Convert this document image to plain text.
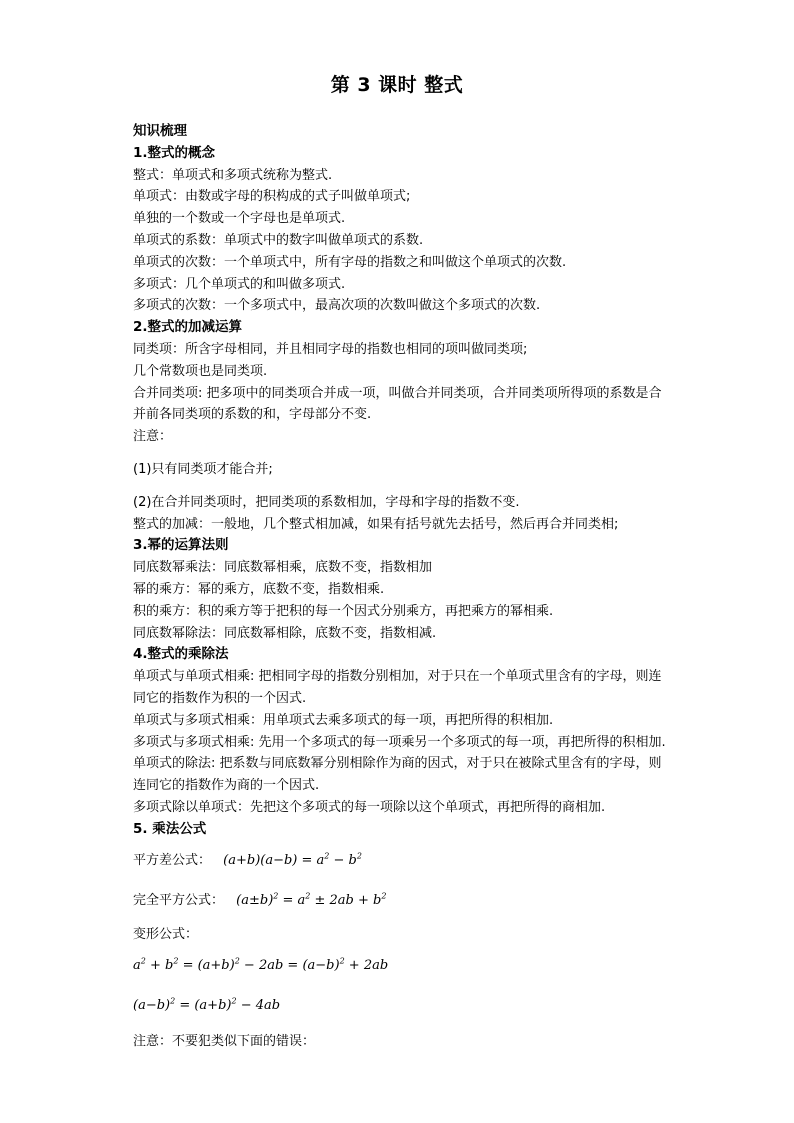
第 3 课时 整式
知识梳理
1.整式的概念
整式：单项式和多项式统称为整式.
单项式：由数或字母的积构成的式子叫做单项式;
单独的一个数或一个字母也是单项式.
单项式的系数：单项式中的数字叫做单项式的系数.
单项式的次数：一个单项式中，所有字母的指数之和叫做这个单项式的次数.
多项式：几个单项式的和叫做多项式.
多项式的次数：一个多项式中，最高次项的次数叫做这个多项式的次数.
2.整式的加减运算
同类项：所含字母相同，并且相同字母的指数也相同的项叫做同类项;
几个常数项也是同类项.
合并同类项: 把多项中的同类项合并成一项，叫做合并同类项，合并同类项所得项的系数是合并前各同类项的系数的和，字母部分不变.
注意：
(1)只有同类项才能合并;
(2)在合并同类项时，把同类项的系数相加，字母和字母的指数不变.
整式的加减：一般地，几个整式相加减，如果有括号就先去括号，然后再合并同类相;
3.幂的运算法则
同底数幂乘法：同底数幂相乘，底数不变，指数相加
幂的乘方：幂的乘方，底数不变，指数相乘.
积的乘方：积的乘方等于把积的每一个因式分别乘方，再把乘方的幂相乘.
同底数幂除法：同底数幂相除，底数不变，指数相减.
4.整式的乘除法
单项式与单项式相乘: 把相同字母的指数分别相加，对于只在一个单项式里含有的字母，则连同它的指数作为积的一个因式.
单项式与多项式相乘：用单项式去乘多项式的每一项，再把所得的积相加.
多项式与多项式相乘: 先用一个多项式的每一项乘另一个多项式的每一项，再把所得的积相加.
单项式的除法: 把系数与同底数幂分别相除作为商的因式，对于只在被除式里含有的字母，则连同它的指数作为商的一个因式.
多项式除以单项式：先把这个多项式的每一项除以这个单项式，再把所得的商相加.
5. 乘法公式
平方差公式： $(a+b)(a-b) = a^2 - b^2$
完全平方公式： $(a\pm b)^2 = a^2 \pm 2ab + b^2$
变形公式：
$a^2 + b^2 = (a+b)^2 - 2ab = (a-b)^2 + 2ab$
$(a-b)^2 = (a+b)^2 - 4ab$
注意：不要犯类似下面的错误：
